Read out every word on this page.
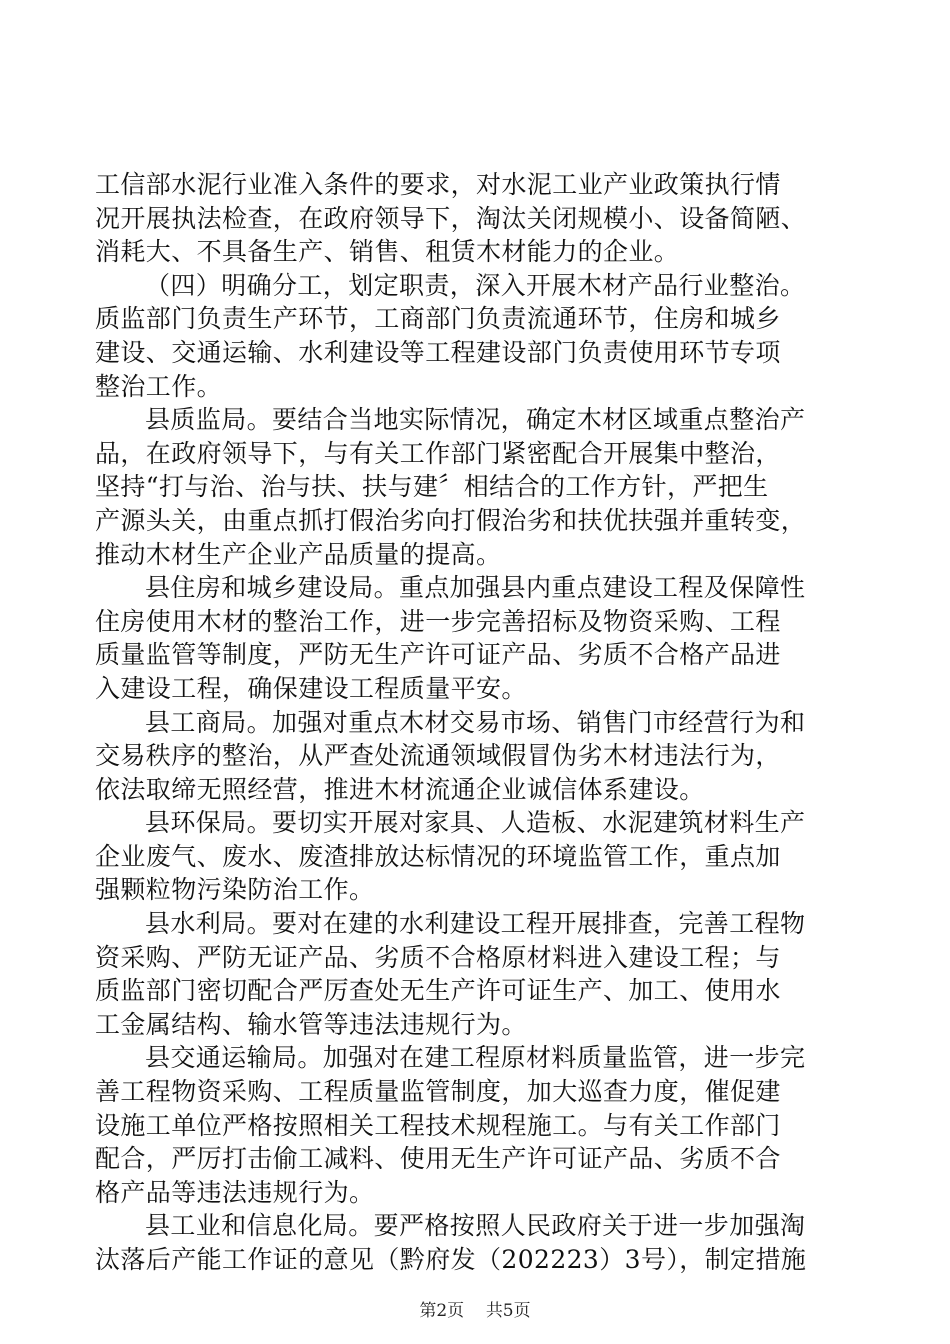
工信部水泥行业准入条件的要求，对水泥工业产业政策执行情
况开展执法检查，在政府领导下，淘汰关闭规模小、设备简陋、
消耗大、不具备生产、销售、租赁木材能力的企业。
（四）明确分工，划定职责，深入开展木材产品行业整治。
质监部门负责生产环节，工商部门负责流通环节，住房和城乡
建设、交通运输、水利建设等工程建设部门负责使用环节专项
整治工作。
县质监局。要结合当地实际情况，确定木材区域重点整治产
品，在政府领导下，与有关工作部门紧密配合开展集中整治，
坚持“打与治、治与扶、扶与建〞相结合的工作方针，严把生
产源头关，由重点抓打假治劣向打假治劣和扶优扶强并重转变，
推动木材生产企业产品质量的提高。
县住房和城乡建设局。重点加强县内重点建设工程及保障性
住房使用木材的整治工作，进一步完善招标及物资采购、工程
质量监管等制度，严防无生产许可证产品、劣质不合格产品进
入建设工程，确保建设工程质量平安。
县工商局。加强对重点木材交易市场、销售门市经营行为和
交易秩序的整治，从严查处流通领域假冒伪劣木材违法行为，
依法取缔无照经营，推进木材流通企业诚信体系建设。
县环保局。要切实开展对家具、人造板、水泥建筑材料生产
企业废气、废水、废渣排放达标情况的环境监管工作，重点加
强颗粒物污染防治工作。
县水利局。要对在建的水利建设工程开展排查，完善工程物
资采购、严防无证产品、劣质不合格原材料进入建设工程；与
质监部门密切配合严厉查处无生产许可证生产、加工、使用水
工金属结构、输水管等违法违规行为。
县交通运输局。加强对在建工程原材料质量监管，进一步完
善工程物资采购、工程质量监管制度，加大巡查力度，催促建
设施工单位严格按照相关工程技术规程施工。与有关工作部门
配合，严厉打击偷工减料、使用无生产许可证产品、劣质不合
格产品等违法违规行为。
县工业和信息化局。要严格按照人民政府关于进一步加强淘
汰落后产能工作证的意见（黔府发（202223）3号），制定措施
第2页 共5页
